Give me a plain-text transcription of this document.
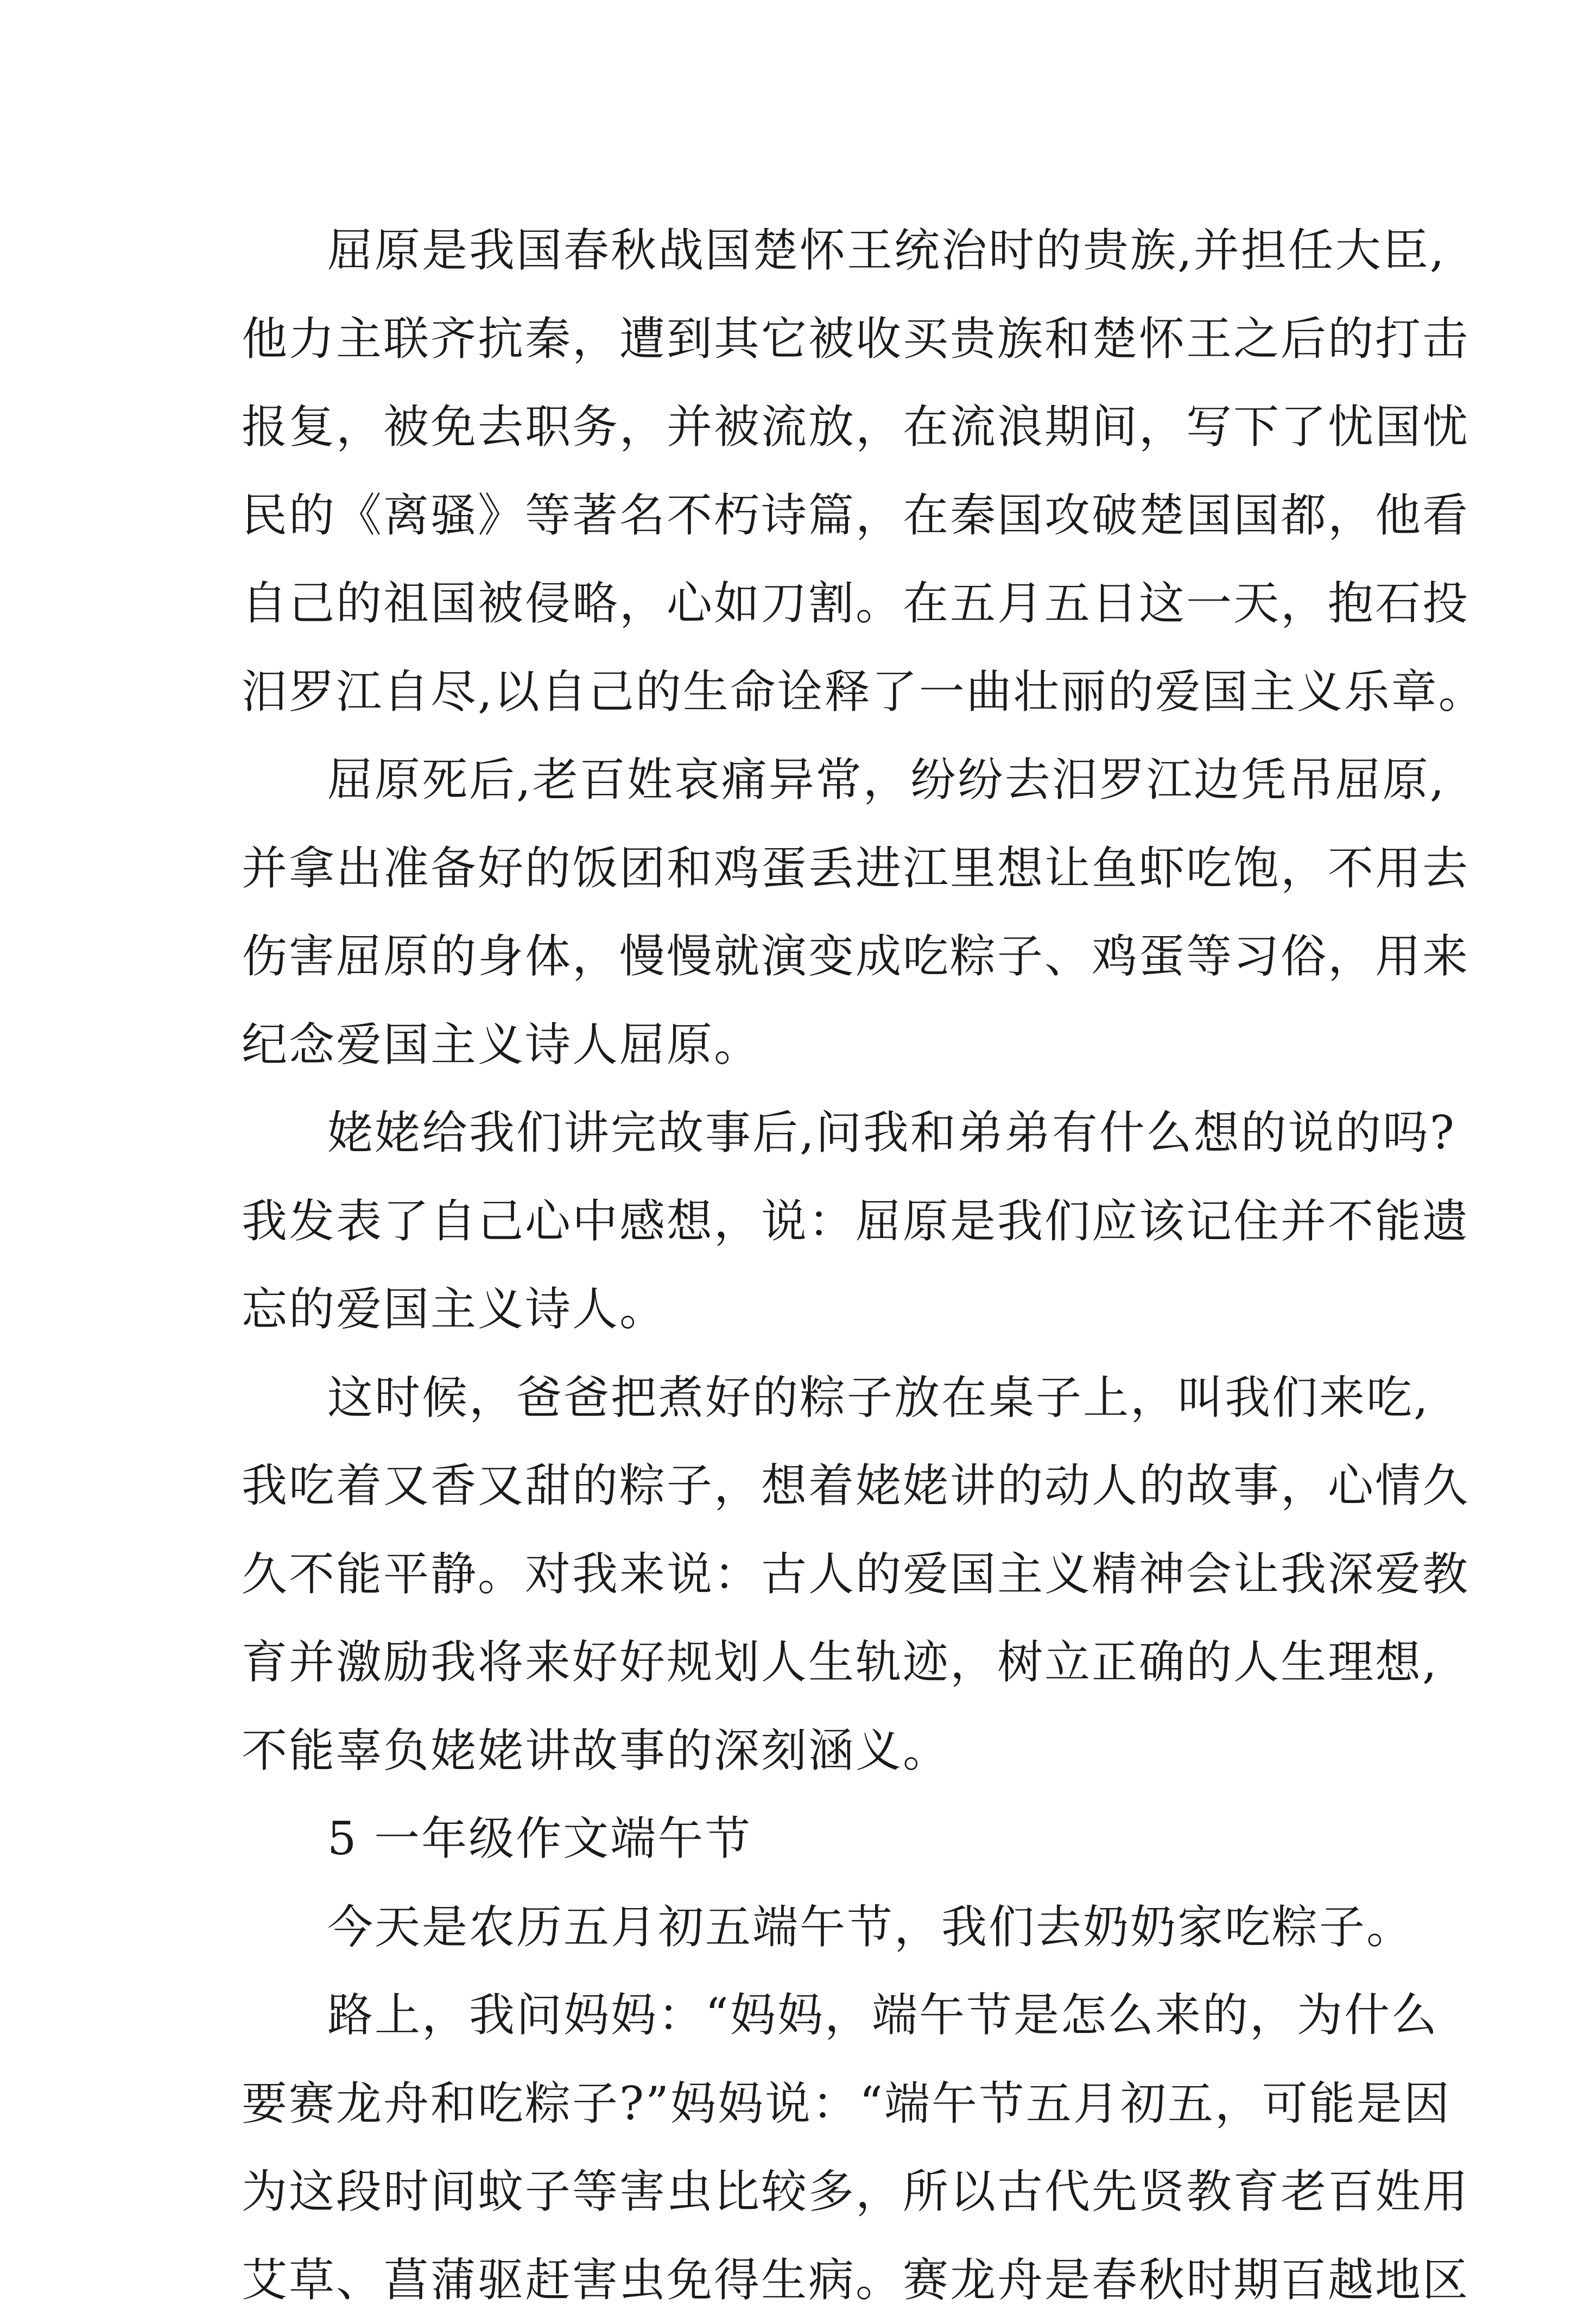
屈原是我国春秋战国楚怀王统治时的贵族,并担任大臣,
他力主联齐抗秦，遭到其它被收买贵族和楚怀王之后的打击
报复，被免去职务，并被流放，在流浪期间，写下了忧国忧
民的《离骚》等著名不朽诗篇，在秦国攻破楚国国都，他看
自己的祖国被侵略，心如刀割。在五月五日这一天，抱石投
汨罗江自尽,以自己的生命诠释了一曲壮丽的爱国主义乐章。
屈原死后,老百姓哀痛异常，纷纷去汨罗江边凭吊屈原,
并拿出准备好的饭团和鸡蛋丢进江里想让鱼虾吃饱，不用去
伤害屈原的身体，慢慢就演变成吃粽子、鸡蛋等习俗，用来
纪念爱国主义诗人屈原。
姥姥给我们讲完故事后,问我和弟弟有什么想的说的吗?
我发表了自己心中感想，说：屈原是我们应该记住并不能遗
忘的爱国主义诗人。
这时候，爸爸把煮好的粽子放在桌子上，叫我们来吃,
我吃着又香又甜的粽子，想着姥姥讲的动人的故事，心情久
久不能平静。对我来说：古人的爱国主义精神会让我深爱教
育并激励我将来好好规划人生轨迹，树立正确的人生理想,
不能辜负姥姥讲故事的深刻涵义。
5 一年级作文端午节
今天是农历五月初五端午节，我们去奶奶家吃粽子。
路上，我问妈妈：“妈妈，端午节是怎么来的，为什么
要赛龙舟和吃粽子?”妈妈说：“端午节五月初五，可能是因
为这段时间蚊子等害虫比较多，所以古代先贤教育老百姓用
艾草、菖蒲驱赶害虫免得生病。赛龙舟是春秋时期百越地区
